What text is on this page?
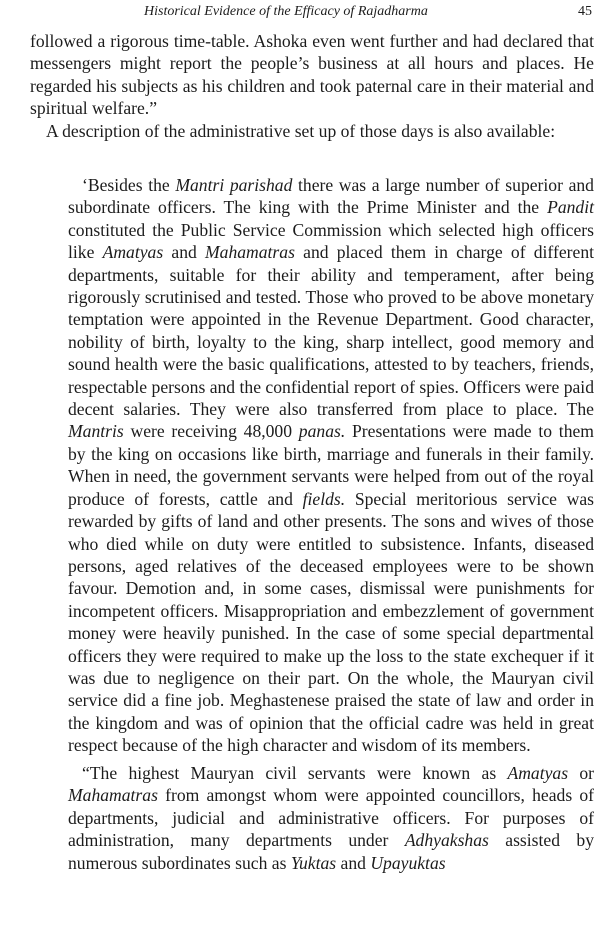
Historical Evidence of the Efficacy of Rajadharma	45

followed a rigorous time-table. Ashoka even went further and had declared that messengers might report the people’s business at all hours and places. He regarded his subjects as his children and took paternal care in their material and spiritual welfare.”

A description of the administrative set up of those days is also available:

‘Besides the Mantri parishad there was a large number of superior and subordinate officers. The king with the Prime Minister and the Pandit constituted the Public Service Commission which selected high officers like Amatyas and Mahamatras and placed them in charge of different departments, suitable for their ability and temperament, after being rigorously scrutinised and tested. Those who proved to be above monetary temptation were appointed in the Revenue Department. Good character, nobility of birth, loyalty to the king, sharp intellect, good memory and sound health were the basic qualifications, attested to by teachers, friends, respectable persons and the confidential report of spies. Officers were paid decent salaries. They were also transferred from place to place. The Mantris were receiving 48,000 panas. Presentations were made to them by the king on occasions like birth, marriage and funerals in their family. When in need, the government servants were helped from out of the royal produce of forests, cattle and fields. Special meritorious service was rewarded by gifts of land and other presents. The sons and wives of those who died while on duty were entitled to subsistence. Infants, diseased persons, aged relatives of the deceased employees were to be shown favour. Demotion and, in some cases, dismissal were punishments for incompetent officers. Misappropriation and embezzlement of government money were heavily punished. In the case of some special departmental officers they were required to make up the loss to the state exchequer if it was due to negligence on their part. On the whole, the Mauryan civil service did a fine job. Meghastenese praised the state of law and order in the kingdom and was of opinion that the official cadre was held in great respect because of the high character and wisdom of its members.

“The highest Mauryan civil servants were known as Amatyas or Mahamatras from amongst whom were appointed councillors, heads of departments, judicial and administrative officers. For purposes of administration, many departments under Adhyakshas assisted by numerous subordinates such as Yuktas and Upayuktas
